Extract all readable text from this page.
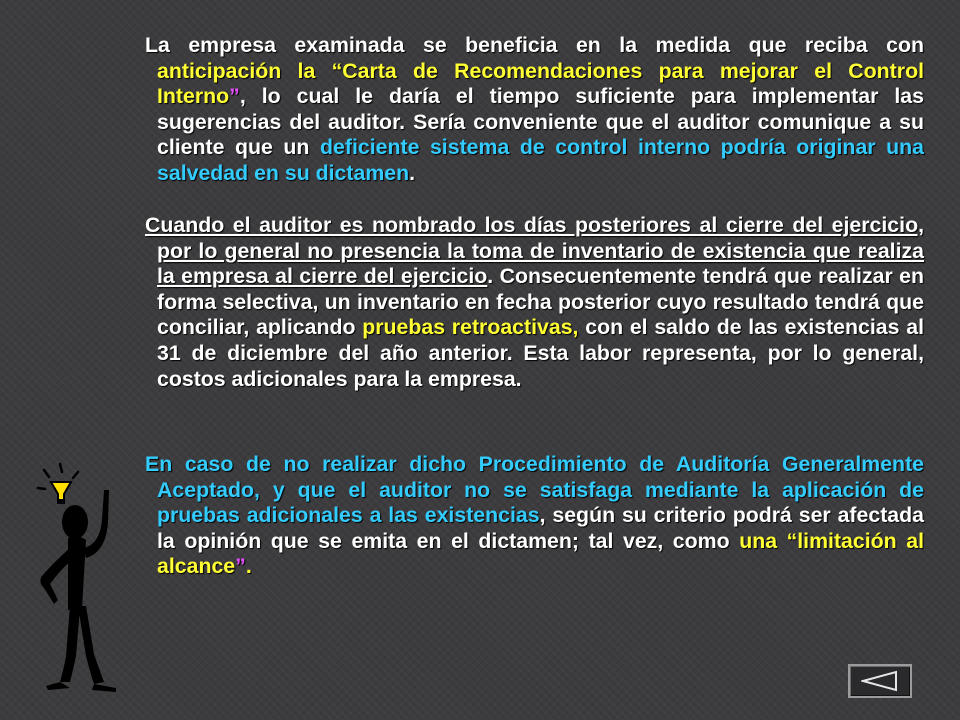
La empresa examinada se beneficia en la medida que reciba con anticipación la “Carta de Recomendaciones para mejorar el Control Interno”, lo cual le daría el tiempo suficiente para implementar las sugerencias del auditor. Sería conveniente que el auditor comunique a su cliente que un deficiente sistema de control interno podría originar una salvedad en su dictamen.

Cuando el auditor es nombrado los días posteriores al cierre del ejercicio, por lo general no presencia la toma de inventario de existencia que realiza la empresa al cierre del ejercicio. Consecuentemente tendrá que realizar en forma selectiva, un inventario en fecha posterior cuyo resultado tendrá que conciliar, aplicando pruebas retroactivas, con el saldo de las existencias al 31 de diciembre del año anterior. Esta labor representa, por lo general, costos adicionales para la empresa.

En caso de no realizar dicho Procedimiento de Auditoría Generalmente Aceptado, y que el auditor no se satisfaga mediante la aplicación de pruebas adicionales a las existencias, según su criterio podrá ser afectada la opinión que se emita en el dictamen; tal vez, como una “limitación al alcance”.
